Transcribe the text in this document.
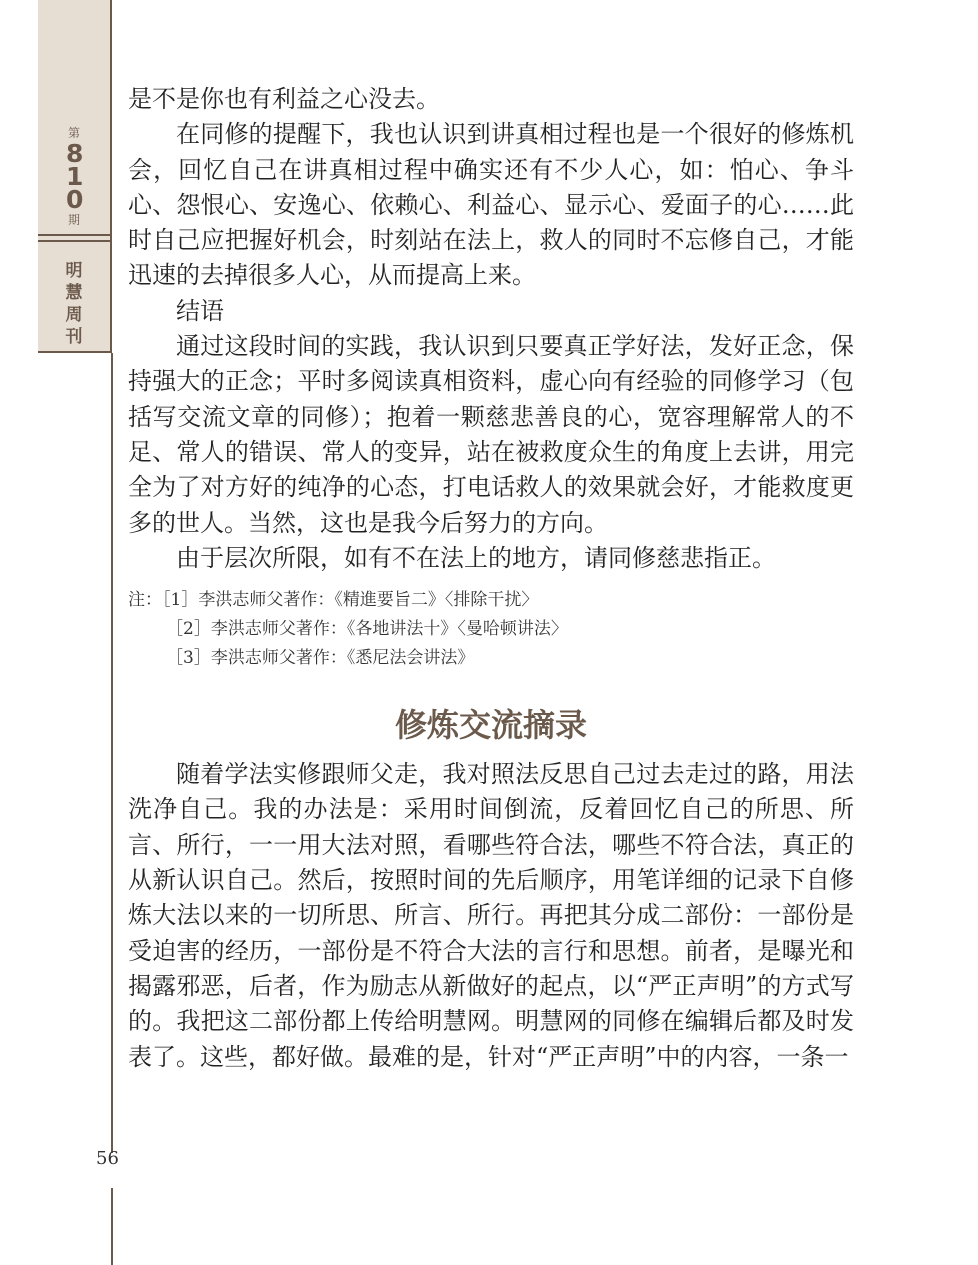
第
810
期
明慧周刊
56

是不是你也有利益之心没去。

在同修的提醒下，我也认识到讲真相过程也是一个很好的修炼机会，回忆自己在讲真相过程中确实还有不少人心，如：怕心、争斗心、怨恨心、安逸心、依赖心、利益心、显示心、爱面子的心……此时自己应把握好机会，时刻站在法上，救人的同时不忘修自己，才能迅速的去掉很多人心，从而提高上来。

结语

通过这段时间的实践，我认识到只要真正学好法，发好正念，保持强大的正念；平时多阅读真相资料，虚心向有经验的同修学习（包括写交流文章的同修）；抱着一颗慈悲善良的心，宽容理解常人的不足、常人的错误、常人的变异，站在被救度众生的角度上去讲，用完全为了对方好的纯净的心态，打电话救人的效果就会好，才能救度更多的世人。当然，这也是我今后努力的方向。

由于层次所限，如有不在法上的地方，请同修慈悲指正。

注：［1］李洪志师父著作：《精進要旨二》〈排除干扰〉
［2］李洪志师父著作：《各地讲法十》〈曼哈顿讲法〉
［3］李洪志师父著作：《悉尼法会讲法》
修炼交流摘录

随着学法实修跟师父走，我对照法反思自己过去走过的路，用法洗净自己。我的办法是：采用时间倒流，反着回忆自己的所思、所言、所行，一一用大法对照，看哪些符合法，哪些不符合法，真正的从新认识自己。然后，按照时间的先后顺序，用笔详细的记录下自修炼大法以来的一切所思、所言、所行。再把其分成二部份：一部份是受迫害的经历，一部份是不符合大法的言行和思想。前者，是曝光和揭露邪恶，后者，作为励志从新做好的起点，以“严正声明”的方式写的。我把这二部份都上传给明慧网。明慧网的同修在编辑后都及时发表了。这些，都好做。最难的是，针对“严正声明”中的内容，一条一
